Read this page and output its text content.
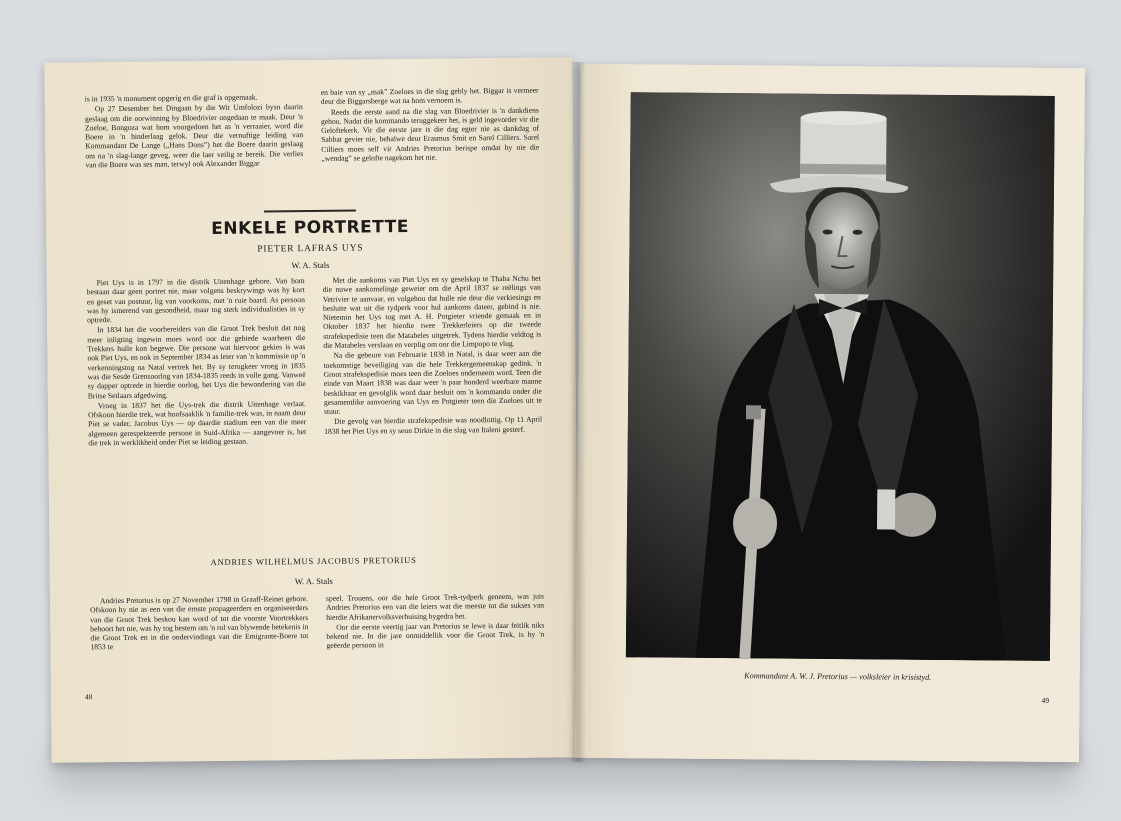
is in 1935 'n monument opgerig en die graf is opgemaak.

Op 27 Desember het Dingaan by die Wit Umfolozi bysn daarin geslaag om die oorwinning by Bloedrivier ongedaan te maak. Deur 'n Zoeloe, Bongoza wat hom voorgedoen het as 'n verraaier, word die Boere in 'n hinderlaag gelok. Deur die vernuftige leiding van Kommandant De Lange („Hans Dons”) het die Boere daarin geslaag om na 'n slag-lange geveg, weer die laer veilig te bereik. Die verlies van die Boere was ses man, terwyl ook Alexander Biggar

en baie van sy „mak” Zoeloes in die slag gebly het. Biggar is vermeer deur die Biggarsberge wat na hom vernoem is.

Reeds die eerste aand na die slag van Bloedrivier is 'n dankdiens gehou. Nadat die kommando teruggekeer het, is geld ingevorder vir die Geloftekerk. Vir die eerste jare is die dag egter nie as dankdag of Sabbat gevier nie, behalwe deur Erasmus Smit en Sarel Cilliers. Sarel Cilliers moes self vir Andries Pretorius berispe omdat hy nie die „wendag” se gelofte nagekom het nie.

ENKELE PORTRETTE
PIETER LAFRAS UYS
W. A. Stals

Piet Uys is in 1797 in die distrik Uitenhage gebore. Van hom bestaan daar geen portret nie, maar volgens beskrywings was hy kort en geset van postuur, lig van voorkoms, met 'n ruie baard. As persoon was hy ismerend van gesondheid, maar tog sterk individualisties in sy optrede.

In 1834 het die voorbereiders van die Groot Trek besluit dat nog meer inligting ingewin moes word oor die gebiede waarheen die Trekkers hulle kon begewe. Die persone wat hiervoor gekies is was ook Piet Uys, en ook in September 1834 as leier van 'n kommissie op 'n verkenningstog na Natal vertrek het. By sy terugkeer vroeg in 1835 was die Sesde Grensoorlog van 1834-1835 reeds in volle gang. Vanweë sy dapper optrede in hierdie oorlog, het Uys die bewondering van die Britse Setlaars afgedwing.

Vroeg in 1837 het die Uys-trek die distrik Uitenhage verlaat. Ofskoon hierdie trek, wat hoofsaaklik 'n familie-trek was, in naam deur Piet se vader, Jacobus Uys — op daardie stadium een van die meer algemeen gerespekteerde persone in Suid-Afrika — aangevoer is, het die trek in werklikheid onder Piet se leiding gestaan.

Met die aankoms van Piet Uys en sy geselskap te Thaba Nchu het die nuwe aankomelinge geweier om die April 1837 se reëlings van Vetrivier te aanvaar, en volgehou dat hulle nie deur die verkiesings en besluite wat uit die tydperk voor hul aankoms dateer, gebind is nie. Nietemin het Uys tog met A. H. Potgieter vriende gemaak en in Oktober 1837 het hierdie twee Trekkerleiers op die tweede strafekspedisie teen die Matabeles uitgetrek. Tydens hierdie veldtog is die Matabeles verslaan en verplig om oor die Limpopo te vlug.

Na die gebeure van Februarie 1838 in Natal, is daar weer aan die toekomstige beveiliging van die hele Trekkergemeenskap gedink. 'n Groot strafekspedisie moes teen die Zoeloes onderneem word. Teen die einde van Maart 1838 was daar weer 'n paar honderd weerbare manne beskikbaar en gevolglik word daar besluit om 'n kommando onder die gesamentlike aanvoering van Uys en Potgieter teen die Zoeloes uit te stuur.

Die gevolg van hierdie strafekspedisie was noodlottig. Op 11 April 1838 het Piet Uys en sy seun Dirkie in die slag van Italeni gesterf.

ANDRIES WILHELMUS JACOBUS PRETORIUS
W. A. Stals

Andries Pretorius is op 27 November 1798 in Graaff-Reinet gebore. Ofskoon hy nie as een van die ernste propageerders en organiseerders van die Groot Trek beskou kan word of tot die voorste Voortrekkers behoort het nie, was hy tog bestem om 'n rol van blywende betekenis in die Groot Trek en in die ondervindings van die Emigrante-Boere tot 1853 te

speel. Trouens, oor die hele Groot Trek-tydperk geneem, was juis Andries Pretorius een van die leiers wat die meeste tot die sukses van hierdie Afrikanervolksverhuising bygedra het.

Oor die eerste veertig jaar van Pretorius se lewe is daar feitlik niks bekend nie. In die jare onmiddellik voor die Groot Trek, is hy 'n geëerde persoon in

48
Kommandant A. W. J. Pretorius — volksleier in krisistyd.
49
